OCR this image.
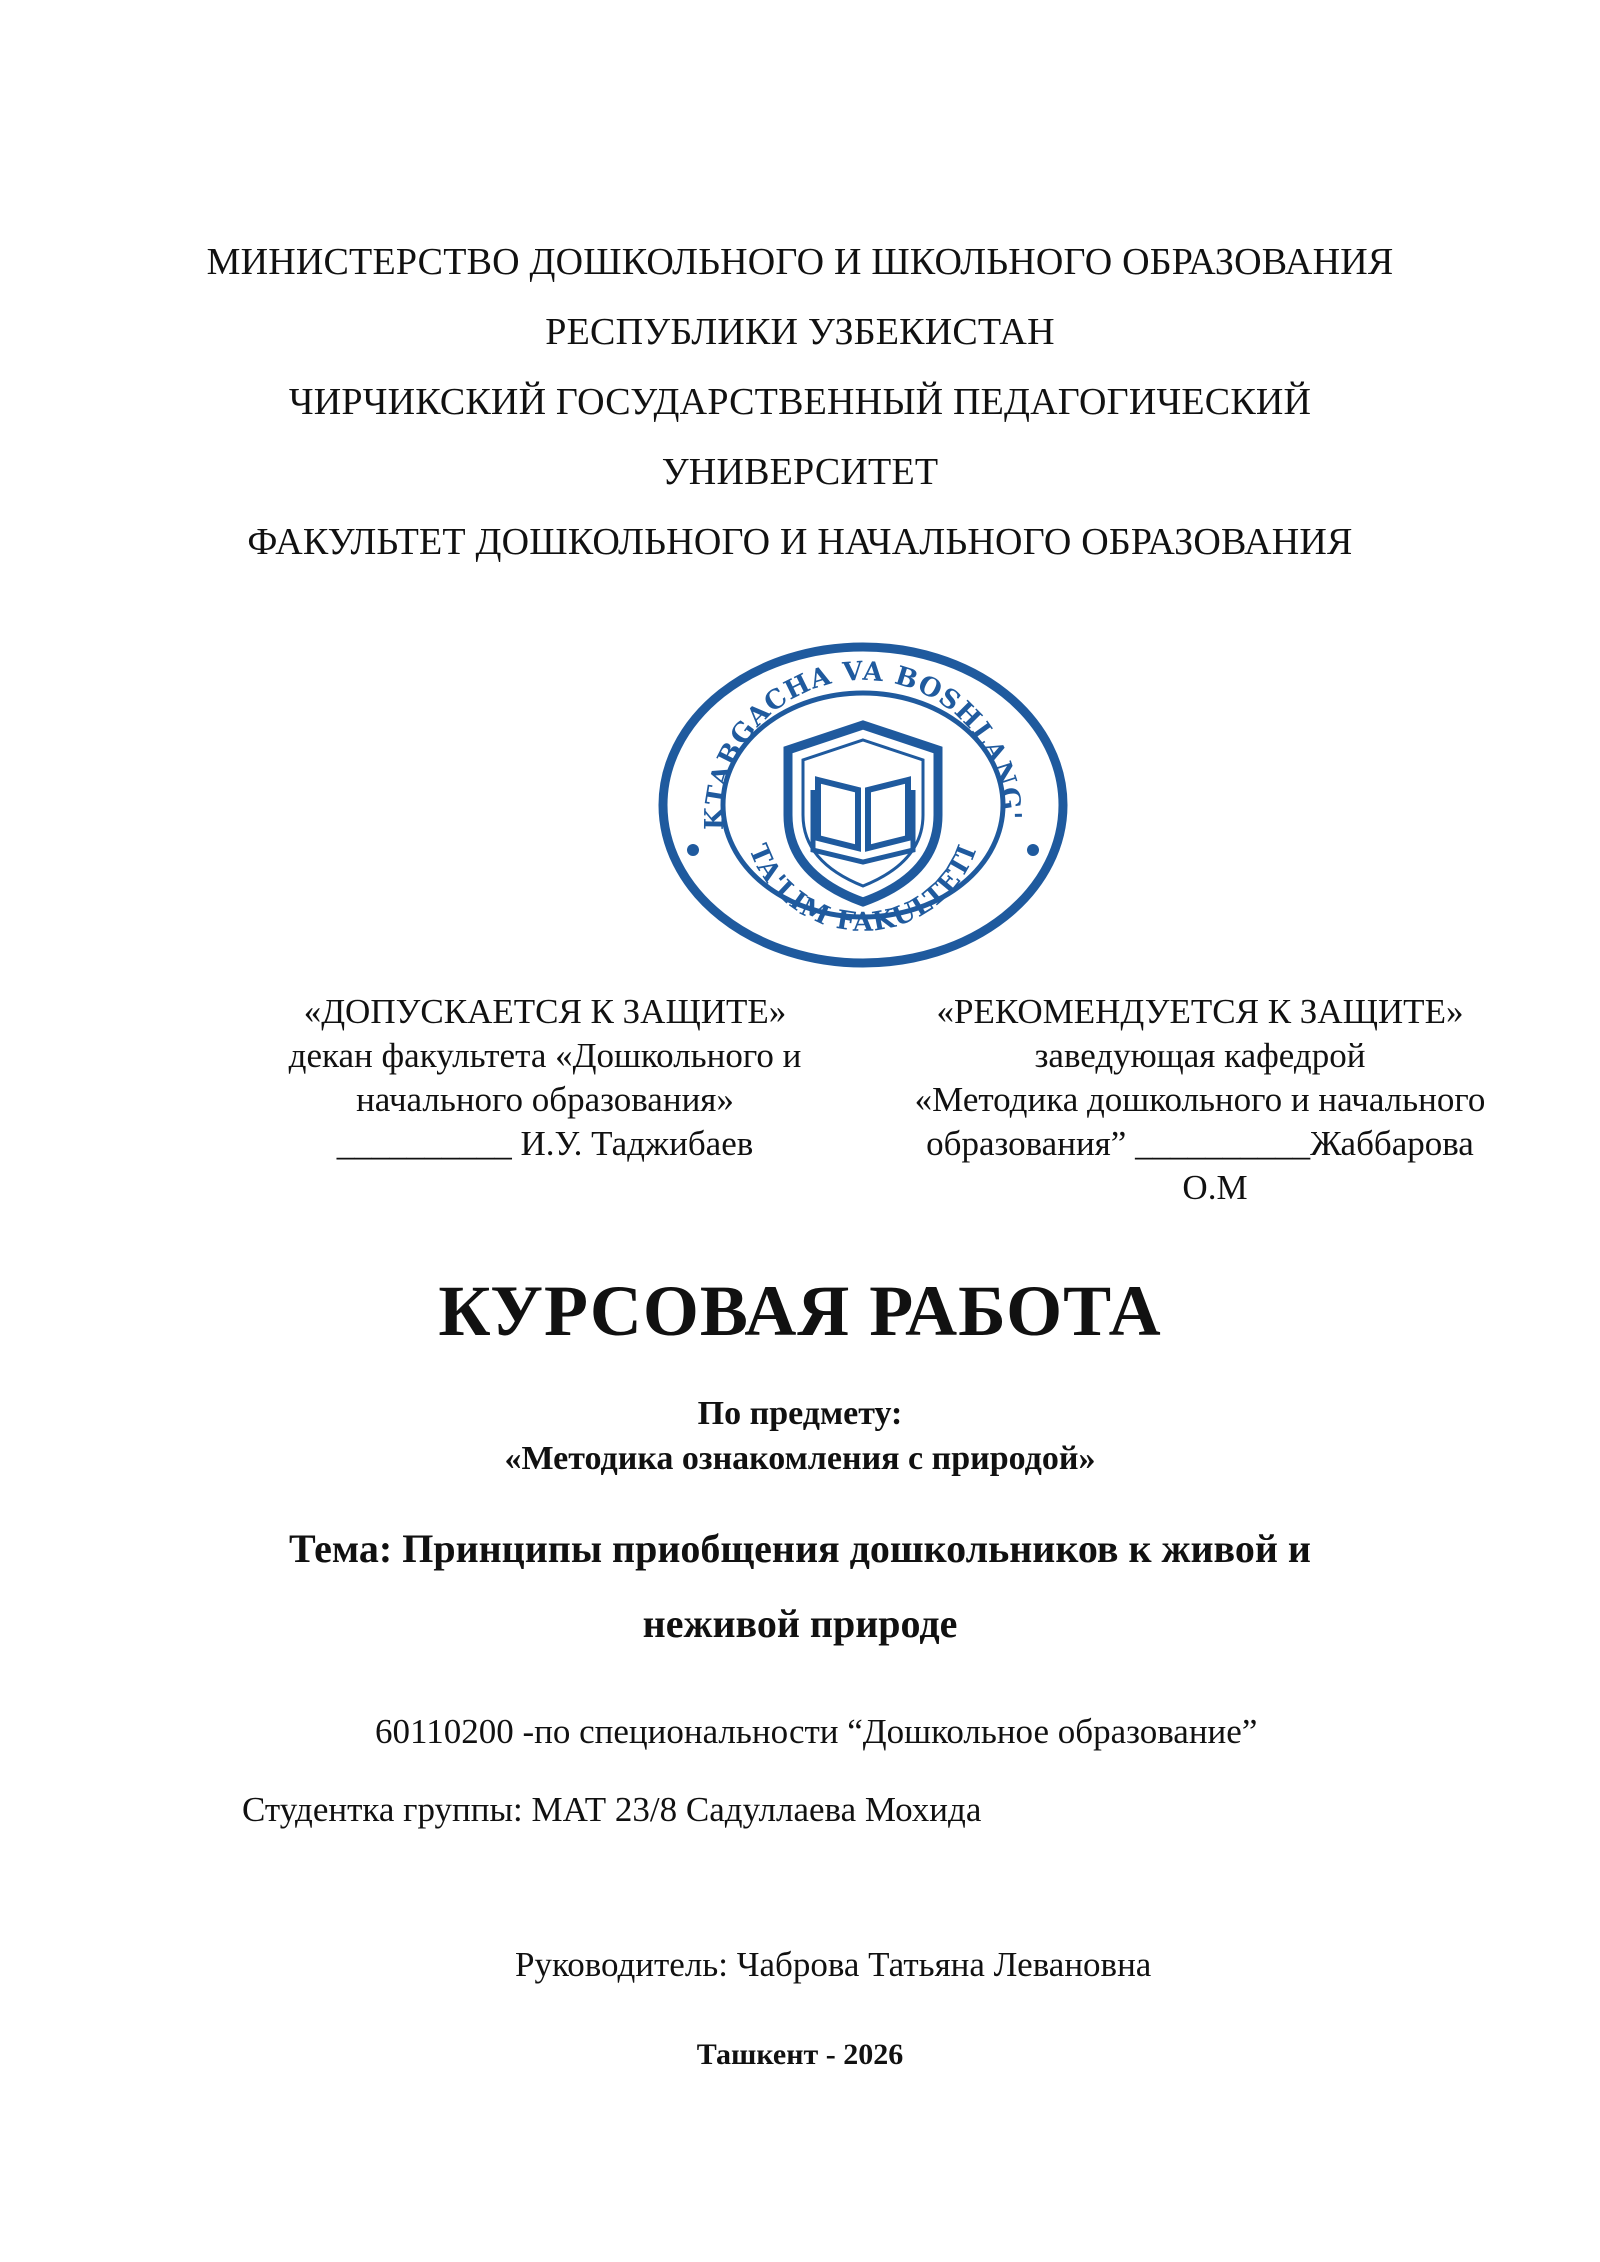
МИНИСТЕРСТВО ДОШКОЛЬНОГО И ШКОЛЬНОГО ОБРАЗОВАНИЯ
РЕСПУБЛИКИ УЗБЕКИСТАН
ЧИРЧИКСКИЙ ГОСУДАРСТВЕННЫЙ ПЕДАГОГИЧЕСКИЙ
УНИВЕРСИТЕТ
ФАКУЛЬТЕТ ДОШКОЛЬНОГО И НАЧАЛЬНОГО ОБРАЗОВАНИЯ
KTABGACHA VA BOSHLANG'
TA'LIM FAKULTETI
«ДОПУСКАЕТСЯ К ЗАЩИТЕ»
декан факультета «Дошкольного и
начального образования»
__________ И.У. Таджибаев
«РЕКОМЕНДУЕТСЯ К ЗАЩИТЕ»
заведующая кафедрой
«Методика дошкольного и начального
образования” __________Жаббарова
О.М
КУРСОВАЯ РАБОТА
По предмету:
«Методика ознакомления с природой»
Тема: Принципы приобщения дошкольников к живой и
неживой природе
60110200 -по специональности “Дошкольное образование”
Студентка группы: МАТ 23/8 Садуллаева Мохида
Руководитель: Чаброва Татьяна Левановна
Ташкент - 2026
